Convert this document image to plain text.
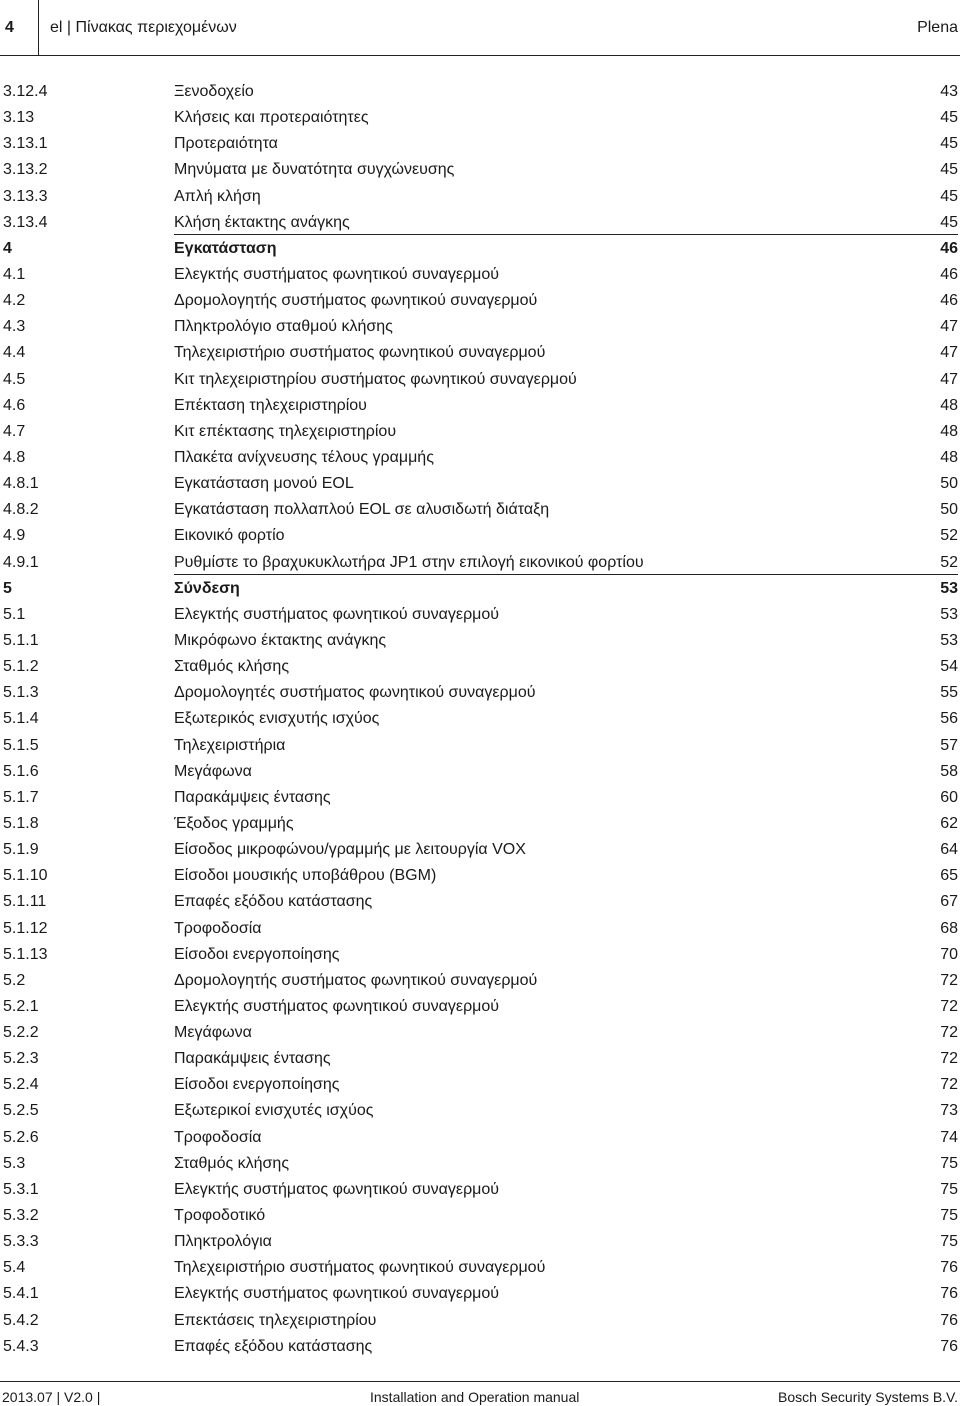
4	el | Πίνακας περιεχομένων	Plena
3.12.4	Ξενοδοχείο	43
3.13	Κλήσεις και προτεραιότητες	45
3.13.1	Προτεραιότητα	45
3.13.2	Μηνύματα με δυνατότητα συγχώνευσης	45
3.13.3	Απλή κλήση	45
3.13.4	Κλήση έκτακτης ανάγκης	45
4	Εγκατάσταση	46
4.1	Ελεγκτής συστήματος φωνητικού συναγερμού	46
4.2	Δρομολογητής συστήματος φωνητικού συναγερμού	46
4.3	Πληκτρολόγιο σταθμού κλήσης	47
4.4	Τηλεχειριστήριο συστήματος φωνητικού συναγερμού	47
4.5	Κιτ τηλεχειριστηρίου συστήματος φωνητικού συναγερμού	47
4.6	Επέκταση τηλεχειριστηρίου	48
4.7	Κιτ επέκτασης τηλεχειριστηρίου	48
4.8	Πλακέτα ανίχνευσης τέλους γραμμής	48
4.8.1	Εγκατάσταση μονού EOL	50
4.8.2	Εγκατάσταση πολλαπλού EOL σε αλυσιδωτή διάταξη	50
4.9	Εικονικό φορτίο	52
4.9.1	Ρυθμίστε το βραχυκυκλωτήρα JP1 στην επιλογή εικονικού φορτίου	52
5	Σύνδεση	53
5.1	Ελεγκτής συστήματος φωνητικού συναγερμού	53
5.1.1	Μικρόφωνο έκτακτης ανάγκης	53
5.1.2	Σταθμός κλήσης	54
5.1.3	Δρομολογητές συστήματος φωνητικού συναγερμού	55
5.1.4	Εξωτερικός ενισχυτής ισχύος	56
5.1.5	Τηλεχειριστήρια	57
5.1.6	Μεγάφωνα	58
5.1.7	Παρακάμψεις έντασης	60
5.1.8	Έξοδος γραμμής	62
5.1.9	Είσοδος μικροφώνου/γραμμής με λειτουργία VOX	64
5.1.10	Είσοδοι μουσικής υποβάθρου (BGM)	65
5.1.11	Επαφές εξόδου κατάστασης	67
5.1.12	Τροφοδοσία	68
5.1.13	Είσοδοι ενεργοποίησης	70
5.2	Δρομολογητής συστήματος φωνητικού συναγερμού	72
5.2.1	Ελεγκτής συστήματος φωνητικού συναγερμού	72
5.2.2	Μεγάφωνα	72
5.2.3	Παρακάμψεις έντασης	72
5.2.4	Είσοδοι ενεργοποίησης	72
5.2.5	Εξωτερικοί ενισχυτές ισχύος	73
5.2.6	Τροφοδοσία	74
5.3	Σταθμός κλήσης	75
5.3.1	Ελεγκτής συστήματος φωνητικού συναγερμού	75
5.3.2	Τροφοδοτικό	75
5.3.3	Πληκτρολόγια	75
5.4	Τηλεχειριστήριο συστήματος φωνητικού συναγερμού	76
5.4.1	Ελεγκτής συστήματος φωνητικού συναγερμού	76
5.4.2	Επεκτάσεις τηλεχειριστηρίου	76
5.4.3	Επαφές εξόδου κατάστασης	76
2013.07 | V2.0 |	Installation and Operation manual	Bosch Security Systems B.V.
